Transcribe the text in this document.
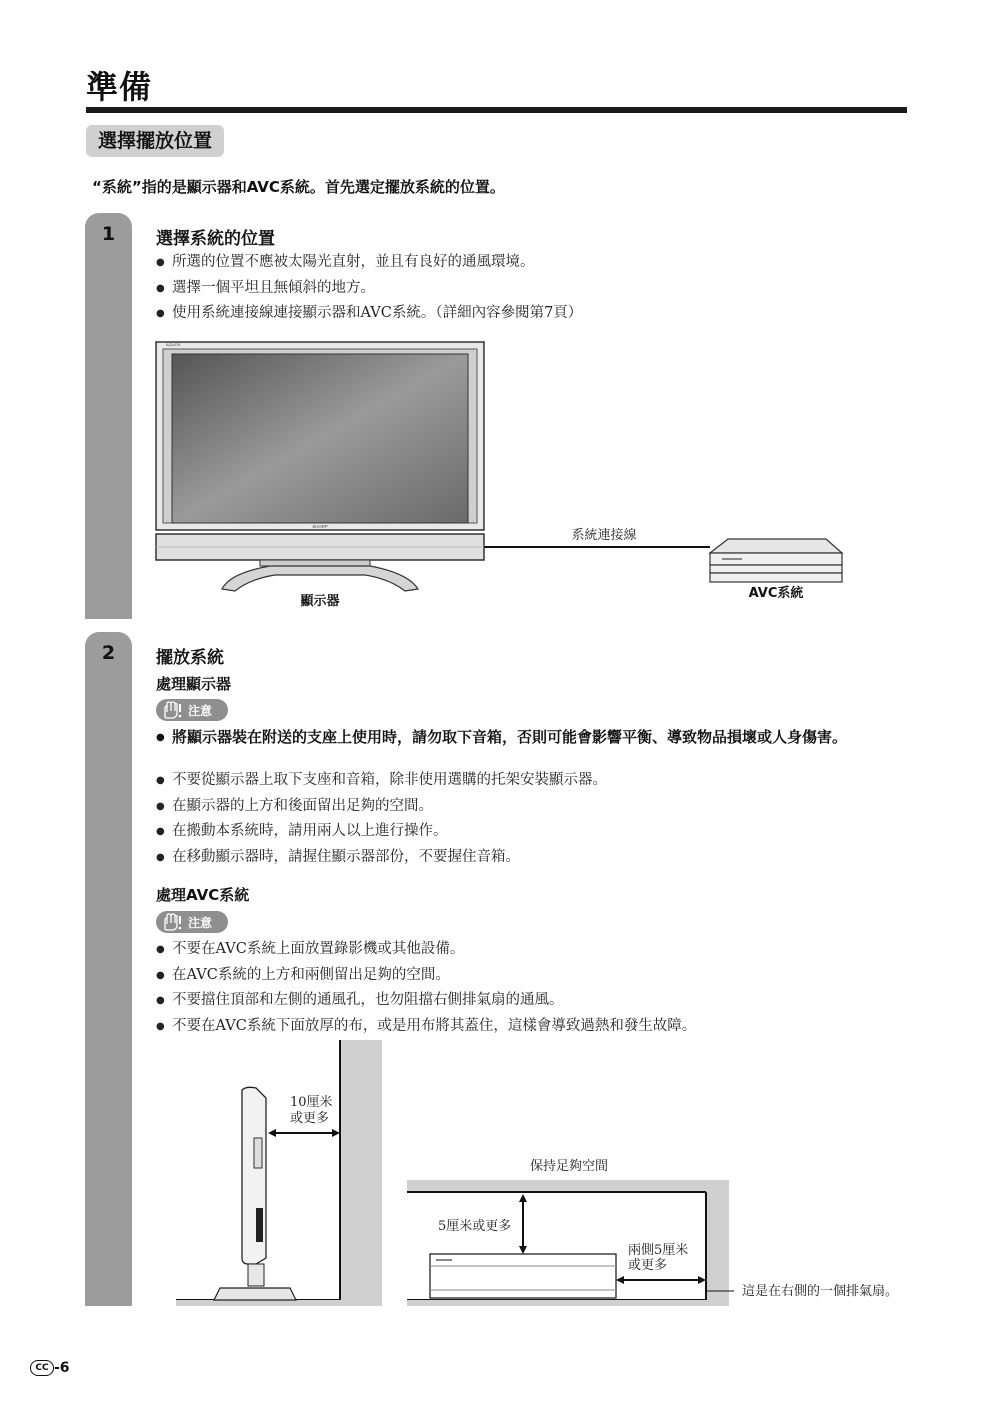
準備
選擇擺放位置
“系統”指的是顯示器和AVC系統。首先選定擺放系統的位置。
1	選擇系統的位置
● 所選的位置不應被太陽光直射，並且有良好的通風環境。
● 選擇一個平坦且無傾斜的地方。
● 使用系統連接線連接顯示器和AVC系統。（詳細內容參閱第7頁）
AQUOS
SHARP
系統連接線
顯示器
AVC系統
2	擺放系統
處理顯示器
注意
● 將顯示器裝在附送的支座上使用時，請勿取下音箱，否則可能會影響平衡、導致物品損壞或人身傷害。
● 不要從顯示器上取下支座和音箱，除非使用選購的托架安裝顯示器。
● 在顯示器的上方和後面留出足夠的空間。
● 在搬動本系統時，請用兩人以上進行操作。
● 在移動顯示器時，請握住顯示器部份，不要握住音箱。
處理AVC系統
注意
● 不要在AVC系統上面放置錄影機或其他設備。
● 在AVC系統的上方和兩側留出足夠的空間。
● 不要擋住頂部和左側的通風孔，也勿阻擋右側排氣扇的通風。
● 不要在AVC系統下面放厚的布，或是用布將其蓋住，這樣會導致過熱和發生故障。
10厘米
或更多
保持足夠空間
5厘米或更多
兩側5厘米
或更多
這是在右側的一個排氣扇。
CC -6
